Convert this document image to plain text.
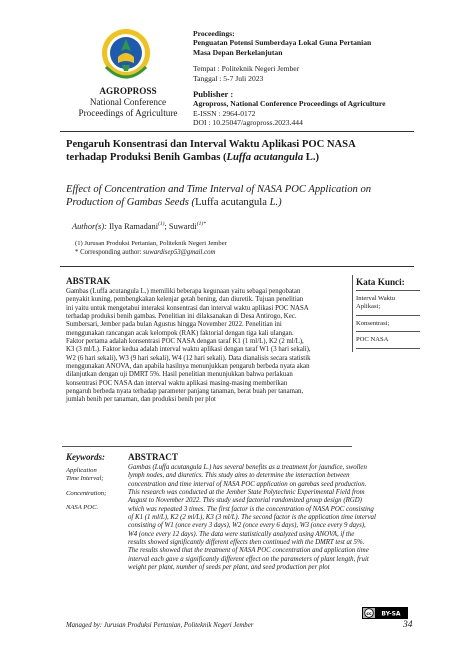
AGROPROSS
National Conference
Proceedings of Agriculture
Proceedings:
Penguatan Potensi Sumberdaya Lokal Guna Pertanian
Masa Depan Berkelanjutan
Tempat : Politeknik Negeri Jember
Tanggal : 5-7 Juli 2023
Publisher :
Agropross, National Conference Proceedings of Agriculture
E-ISSN : 2964-0172
DOI : 10.25047/agropross.2023.444
Pengaruh Konsentrasi dan Interval Waktu Aplikasi POC NASA
terhadap Produksi Benih Gambas (Luffa acutangula L.)
Effect of Concentration and Time Interval of NASA POC Application on
Production of Gambas Seeds (Luffa acutangula L.)
Author(s): Ilya Ramadani$^{(1)}$; Suwardi$^{(1)*}$
(1) Jurusan Produksi Pertanian, Politeknik Negeri Jember
* Corresponding author: suwardisep53@gmail.com
ABSTRAK
Gambas (Luffa acutangula L.) memiliki beberapa kegunaan yaitu sebagai pengobatan
penyakit kuning, pembengkakan kelenjar getah bening, dan diuretik. Tujuan penelitian
ini yaitu untuk mengetahui interaksi konsentrasi dan interval waktu aplikasi POC NASA
terhadap produksi benih gambas. Penelitian ini dilaksanakan di Desa Antirogo, Kec.
Sumbersari, Jember pada bulan Agustus hingga November 2022. Penelitian ini
menggunakan rancangan acak kelompok (RAK) faktorial dengan tiga kali ulangan.
Faktor pertama adalah konsentrasi POC NASA dengan taraf K1 (1 ml/L), K2 (2 ml/L),
K3 (3 ml/L). Faktor kedua adalah interval waktu aplikasi dengan taraf W1 (3 hari sekali),
W2 (6 hari sekali), W3 (9 hari sekali), W4 (12 hari sekali). Data dianalisis secara statistik
menggunakan ANOVA, dan apabila hasilnya menunjukkan pengaruh berbeda nyata akan
dilanjutkan dengan uji DMRT 5%. Hasil penelitian menunjukkan bahwa perlakuan
konsentrasi POC NASA dan interval waktu aplikasi masing-masing memberikan
pengaruh berbeda nyata terhadap parameter panjang tanaman, berat buah per tanaman,
jumlah benih per tanaman, dan produksi benih per plot
Kata Kunci:
Interval Waktu
Aplikasi;
Konsentrasi;
POC NASA
Keywords:
Application
Time Interval;
Concentration;
NASA POC.
ABSTRACT
Gambas (Luffa acutangula L.) has several benefits as a treatment for jaundice, swollen
lymph nodes, and diuretics. This study aims to determine the interaction between
concentration and time interval of NASA POC application on gambas seed production.
This research was conducted at the Jember State Polytechnic Experimental Field from
August to November 2022. This study used factorial randomized group design (RGD)
which was repeated 3 times. The first factor is the concentration of NASA POC consisting
of K1 (1 ml/L), K2 (2 ml/L), K3 (3 ml/L). The second factor is the application time interval
consisting of W1 (once every 3 days), W2 (once every 6 days), W3 (once every 9 days),
W4 (once every 12 days). The data were statistically analyzed using ANOVA, if the
results showed significantly different effects then continued with the DMRT test at 5%.
The results showed that the treatment of NASA POC concentration and application time
interval each gave a significantly different effect on the parameters of plant length, fruit
weight per plant, number of seeds per plant, and seed production per plot
cc BY-SA
Managed by: Jurusan Produksi Pertanian, Politeknik Negeri Jember	34
